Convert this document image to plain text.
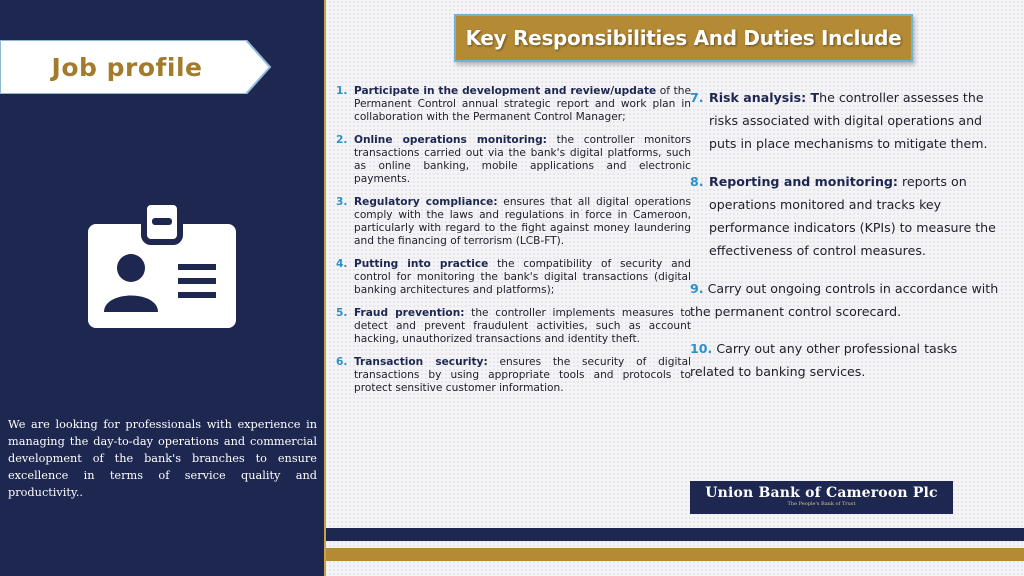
Job profile

We are looking for professionals with experience in managing the day-to-day operations and commercial development of the bank's branches to ensure excellence in terms of service quality and productivity..

Key Responsibilities And Duties Include
1. Participate in the development and review/update of the Permanent Control annual strategic report and work plan in collaboration with the Permanent Control Manager;
2. Online operations monitoring: the controller monitors transactions carried out via the bank's digital platforms, such as online banking, mobile applications and electronic payments.
3. Regulatory compliance: ensures that all digital operations comply with the laws and regulations in force in Cameroon, particularly with regard to the fight against money laundering and the financing of terrorism (LCB-FT).
4. Putting into practice the compatibility of security and control for monitoring the bank's digital transactions (digital banking architectures and platforms);
5. Fraud prevention: the controller implements measures to detect and prevent fraudulent activities, such as account hacking, unauthorized transactions and identity theft.
6. Transaction security: ensures the security of digital transactions by using appropriate tools and protocols to protect sensitive customer information.
7. Risk analysis: The controller assesses the risks associated with digital operations and puts in place mechanisms to mitigate them.
8. Reporting and monitoring: reports on operations monitored and tracks key performance indicators (KPIs) to measure the effectiveness of control measures.
9. Carry out ongoing controls in accordance with the permanent control scorecard.
10. Carry out any other professional tasks related to banking services.
Union Bank of Cameroon Plc
The People's Bank of Trust
